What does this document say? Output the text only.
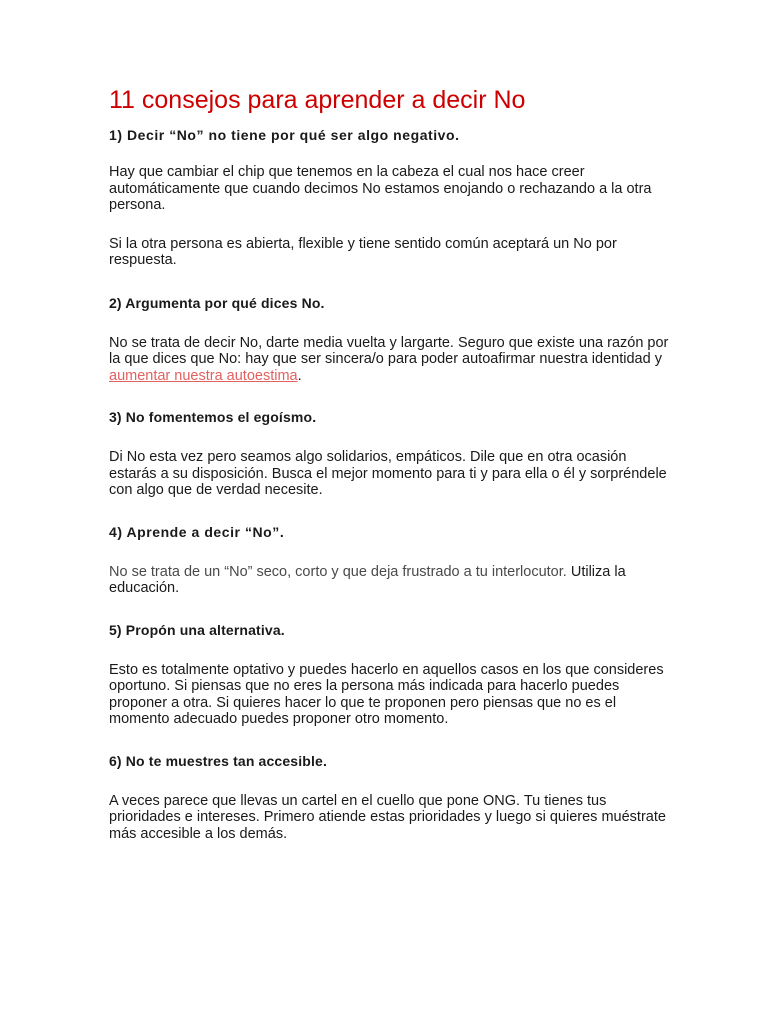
11 consejos para aprender a decir No

1) Decir “No” no tiene por qué ser algo negativo.

Hay que cambiar el chip que tenemos en la cabeza el cual nos hace creer automáticamente que cuando decimos No estamos enojando o rechazando a la otra persona.

Si la otra persona es abierta, flexible y tiene sentido común aceptará un No por respuesta.

2) Argumenta por qué dices No.

No se trata de decir No, darte media vuelta y largarte. Seguro que existe una razón por la que dices que No: hay que ser sincera/o para poder autoafirmar nuestra identidad y aumentar nuestra autoestima.

3) No fomentemos el egoísmo.

Di No esta vez pero seamos algo solidarios, empáticos. Dile que en otra ocasión estarás a su disposición. Busca el mejor momento para ti y para ella o él y sorpréndele con algo que de verdad necesite.

4) Aprende a decir “No”.

No se trata de un “No” seco, corto y que deja frustrado a tu interlocutor. Utiliza la educación.

5) Propón una alternativa.

Esto es totalmente optativo y puedes hacerlo en aquellos casos en los que consideres oportuno. Si piensas que no eres la persona más indicada para hacerlo puedes proponer a otra. Si quieres hacer lo que te proponen pero piensas que no es el momento adecuado puedes proponer otro momento.

6) No te muestres tan accesible.

A veces parece que llevas un cartel en el cuello que pone ONG. Tu tienes tus prioridades e intereses. Primero atiende estas prioridades y luego si quieres muéstrate más accesible a los demás.
